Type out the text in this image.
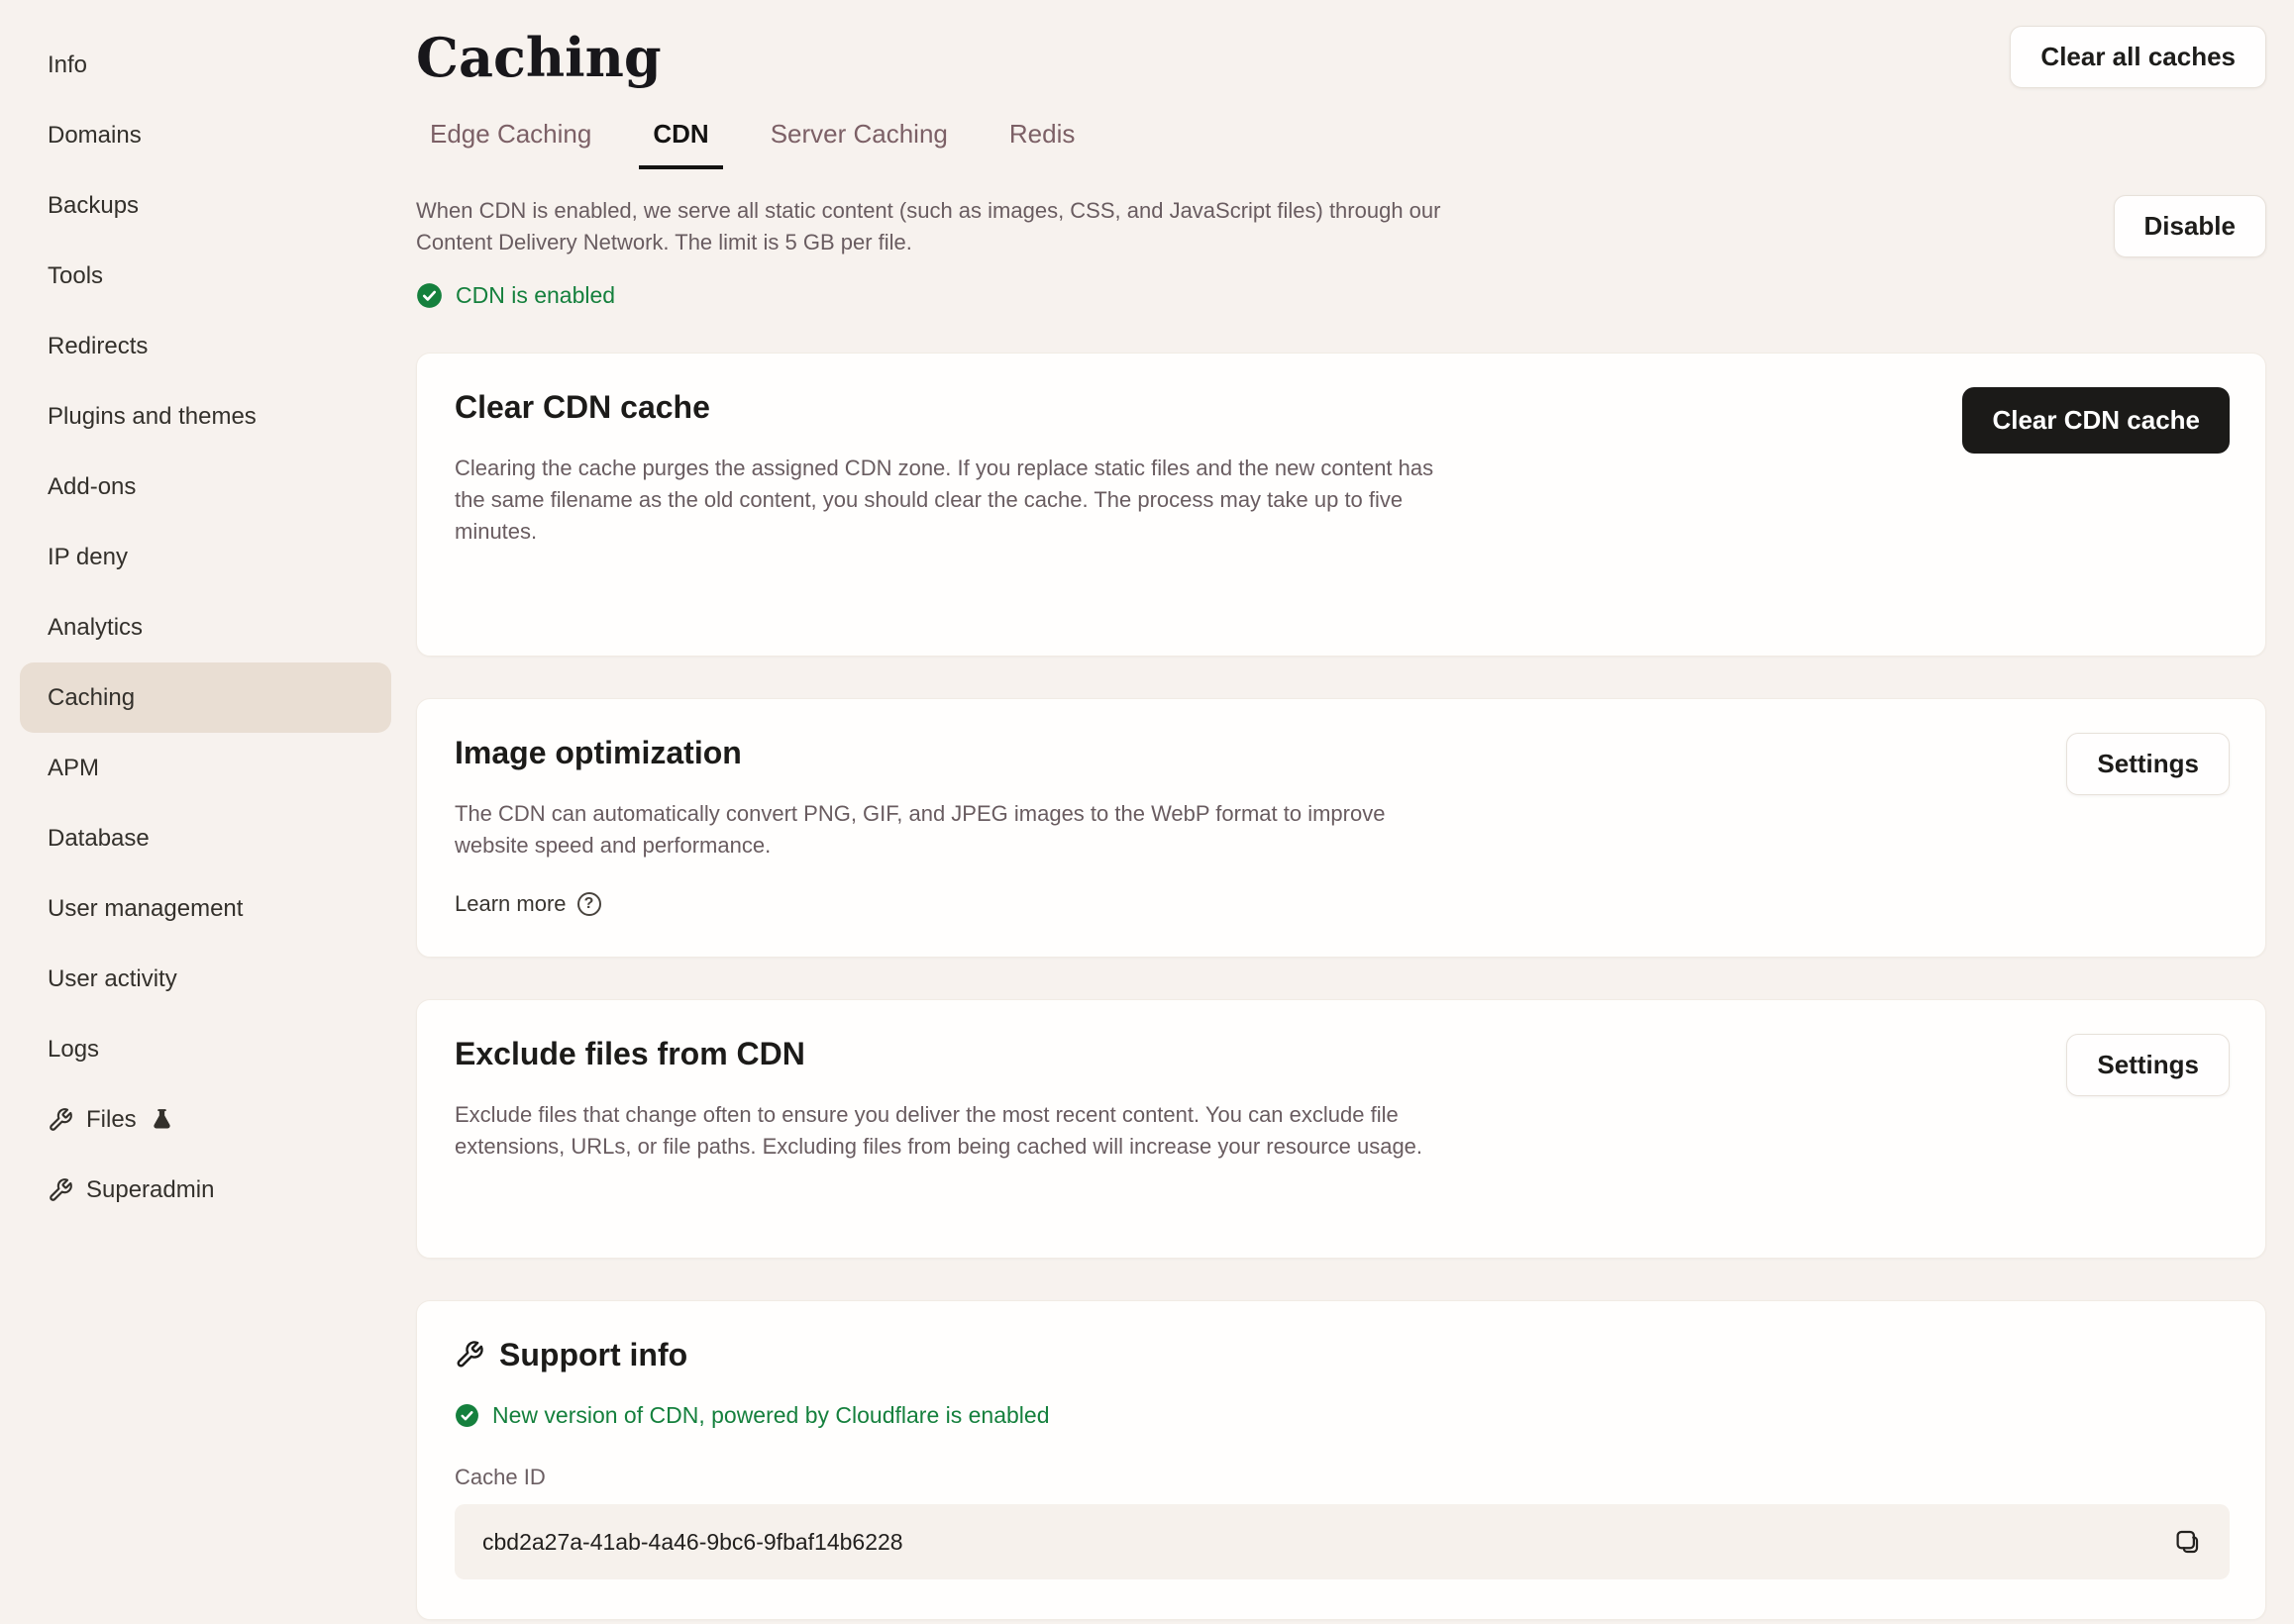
Info
Domains
Backups
Tools
Redirects
Plugins and themes
Add-ons
IP deny
Analytics
Caching
APM
Database
User management
User activity
Logs
Files
Superadmin
Caching	Clear all caches
Edge Caching	CDN	Server Caching	Redis

When CDN is enabled, we serve all static content (such as images, CSS, and JavaScript files) through our Content Delivery Network. The limit is 5 GB per file.

Disable
CDN is enabled
Clear CDN cache

Clearing the cache purges the assigned CDN zone. If you replace static files and the new content has the same filename as the old content, you should clear the cache. The process may take up to five minutes.

Clear CDN cache
Image optimization

The CDN can automatically convert PNG, GIF, and JPEG images to the WebP format to improve website speed and performance.

Learn more	?
Settings
Exclude files from CDN

Exclude files that change often to ensure you deliver the most recent content. You can exclude file extensions, URLs, or file paths. Excluding files from being cached will increase your resource usage.

Settings
Support info
New version of CDN, powered by Cloudflare is enabled
Cache ID
cbd2a27a-41ab-4a46-9bc6-9fbaf14b6228
